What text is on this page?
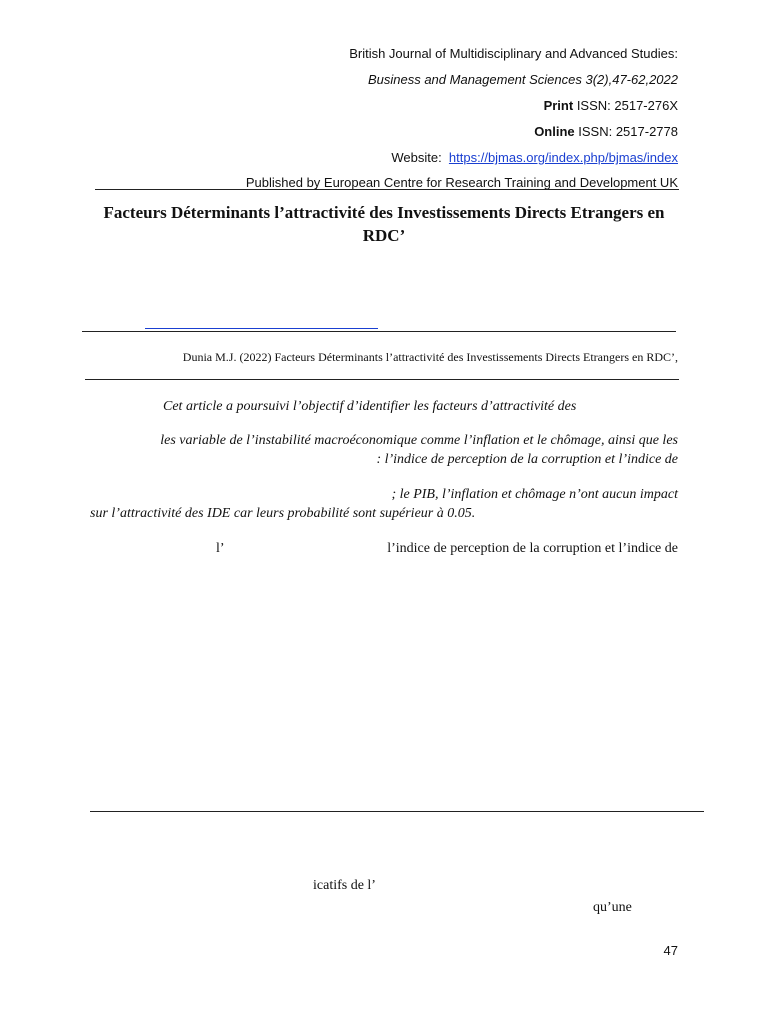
British Journal of Multidisciplinary and Advanced Studies:
Business and Management Sciences 3(2),47-62,2022
Print ISSN: 2517-276X
Online ISSN: 2517-2778
Website: https://bjmas.org/index.php/bjmas/index
Published by European Centre for Research Training and Development UK
Facteurs Déterminants l’attractivité des Investissements Directs Etrangers en
RDC’
Dunia M.J. (2022) Facteurs Déterminants l’attractivité des Investissements Directs Etrangers en RDC’,
Cet article a poursuivi l’objectif d’identifier les facteurs d’attractivité des
les variable de l’instabilité macroéconomique comme l’inflation et le chômage, ainsi que les
: l’indice de perception de la corruption et l’indice de
; le PIB, l’inflation et chômage n’ont aucun impact
sur l’attractivité des IDE car leurs probabilité sont supérieur à 0.05.
l’	l’indice de perception de la corruption et l’indice de
icatifs de l’
qu’une
47
